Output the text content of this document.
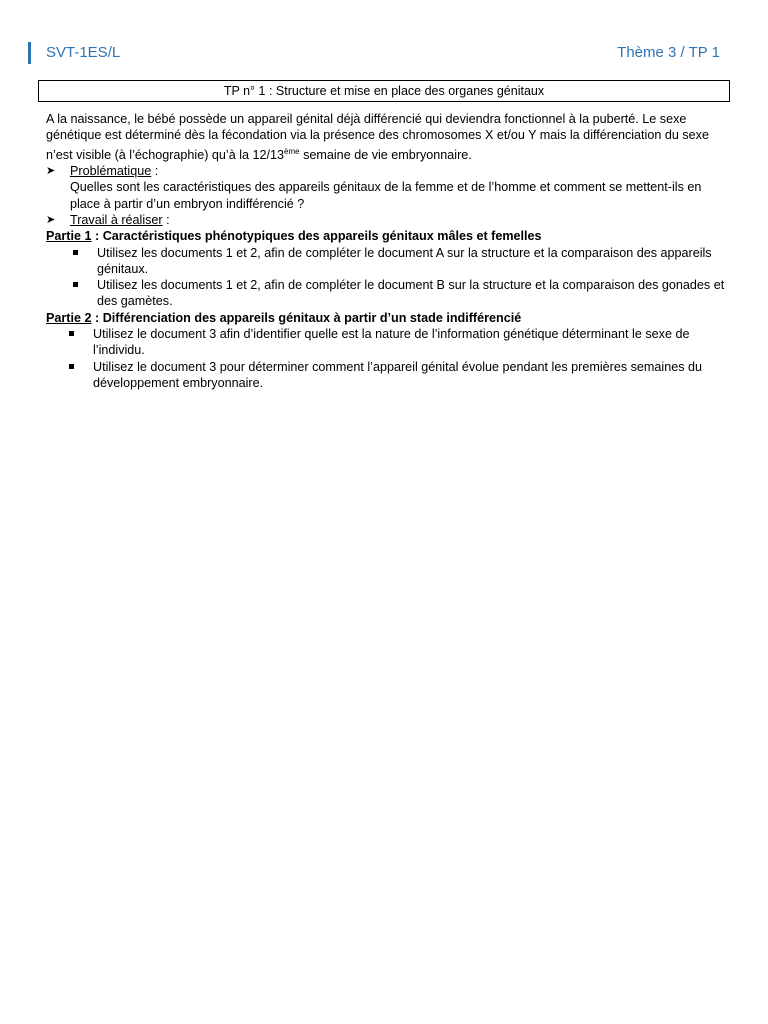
SVT-1ES/L	Thème 3 / TP 1
TP n° 1 : Structure et mise en place des organes génitaux

A la naissance, le bébé possède un appareil génital déjà différencié qui deviendra fonctionnel à la puberté. Le sexe génétique est déterminé dès la fécondation via la présence des chromosomes X et/ou Y mais la différenciation du sexe n’est visible (à l’échographie) qu’à la 12/13ème semaine de vie embryonnaire.

➤	Problématique :

Quelles sont les caractéristiques des appareils génitaux de la femme et de l’homme et comment se mettent-ils en place à partir d’un embryon indifférencié ?

➤	Travail à réaliser :

Partie 1 : Caractéristiques phénotypiques des appareils génitaux mâles et femelles

Utilisez les documents 1 et 2, afin de compléter le document A sur la structure et la comparaison des appareils génitaux.
Utilisez les documents 1 et 2, afin de compléter le document B sur la structure et la comparaison des gonades et des gamètes.

Partie 2 : Différenciation des appareils génitaux à partir d’un stade indifférencié

Utilisez le document 3 afin d’identifier quelle est la nature de l’information génétique déterminant le sexe de l’individu.
Utilisez le document 3 pour déterminer comment l’appareil génital évolue pendant les premières semaines du développement embryonnaire.
